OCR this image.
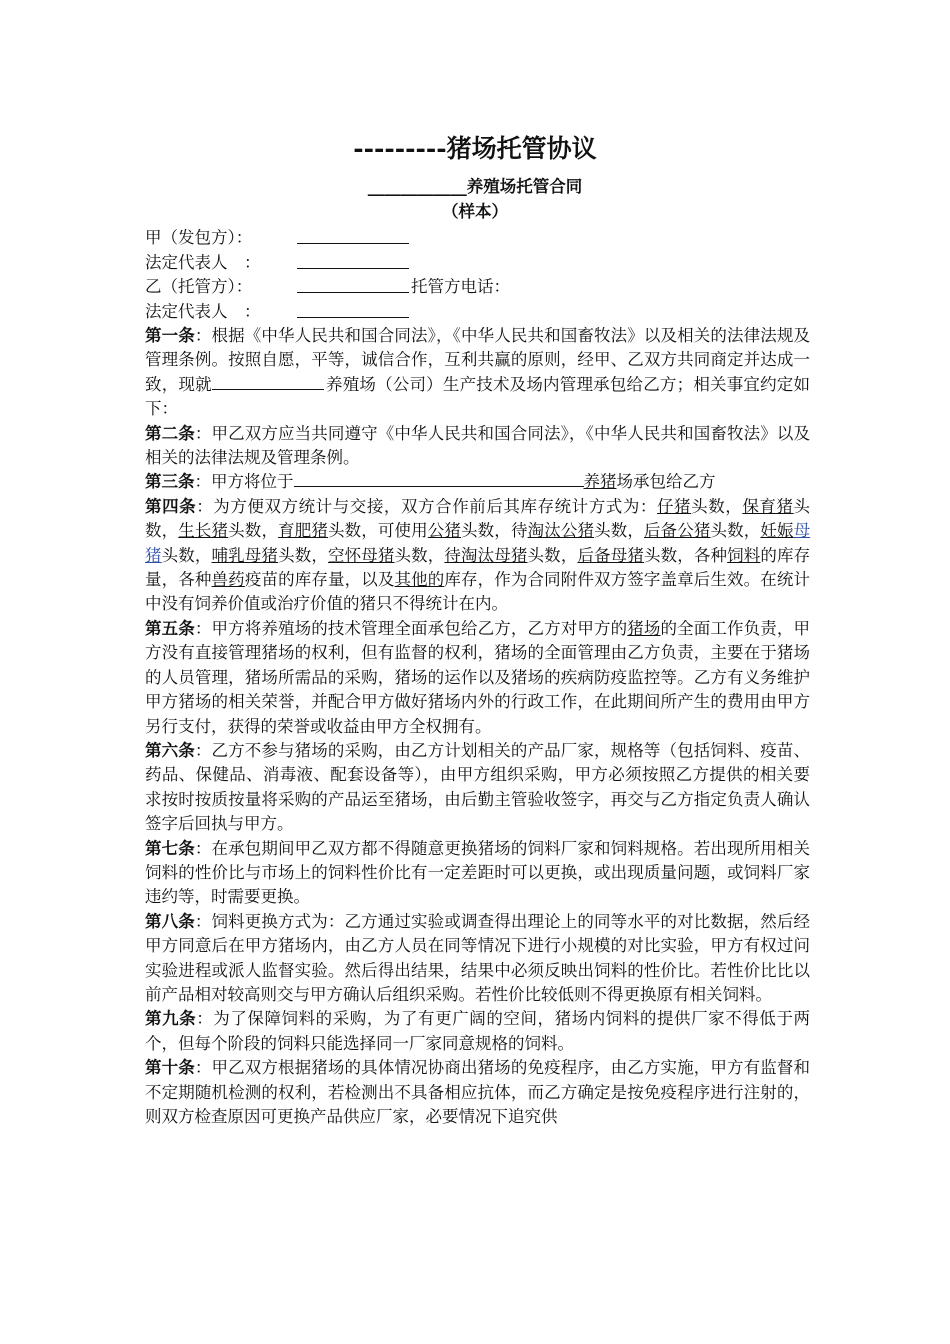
---------猪场托管协议
____________养殖场托管合同
（样本）
甲（发包方）：
法定代表人　：
乙（托管方）：	托管方电话：
法定代表人　：

第一条：根据《中华人民共和国合同法》，《中华人民共和国畜牧法》以及相关的法律法规及管理条例。按照自愿，平等，诚信合作，互利共赢的原则，经甲、乙双方共同商定并达成一致，现就	养殖场（公司）生产技术及场内管理承包给乙方；相关事宜约定如下：

第二条：甲乙双方应当共同遵守《中华人民共和国合同法》，《中华人民共和国畜牧法》以及相关的法律法规及管理条例。

第三条：甲方将位于	养猪场承包给乙方

第四条：为方便双方统计与交接，双方合作前后其库存统计方式为：仔猪头数，保育猪头数，生长猪头数，育肥猪头数，可使用公猪头数，待淘汰公猪头数，后备公猪头数，妊娠母猪头数，哺乳母猪头数，空怀母猪头数，待淘汰母猪头数，后备母猪头数，各种饲料的库存量，各种兽药疫苗的库存量，以及其他的库存，作为合同附件双方签字盖章后生效。在统计中没有饲养价值或治疗价值的猪只不得统计在内。

第五条：甲方将养殖场的技术管理全面承包给乙方，乙方对甲方的猪场的全面工作负责，甲方没有直接管理猪场的权利，但有监督的权利，猪场的全面管理由乙方负责，主要在于猪场的人员管理，猪场所需品的采购，猪场的运作以及猪场的疾病防疫监控等。乙方有义务维护甲方猪场的相关荣誉，并配合甲方做好猪场内外的行政工作，在此期间所产生的费用由甲方另行支付，获得的荣誉或收益由甲方全权拥有。

第六条：乙方不参与猪场的采购，由乙方计划相关的产品厂家，规格等（包括饲料、疫苗、药品、保健品、消毒液、配套设备等），由甲方组织采购，甲方必须按照乙方提供的相关要求按时按质按量将采购的产品运至猪场，由后勤主管验收签字，再交与乙方指定负责人确认签字后回执与甲方。

第七条：在承包期间甲乙双方都不得随意更换猪场的饲料厂家和饲料规格。若出现所用相关饲料的性价比与市场上的饲料性价比有一定差距时可以更换，或出现质量问题，或饲料厂家违约等，时需要更换。

第八条：饲料更换方式为：乙方通过实验或调查得出理论上的同等水平的对比数据，然后经甲方同意后在甲方猪场内，由乙方人员在同等情况下进行小规模的对比实验，甲方有权过问实验进程或派人监督实验。然后得出结果，结果中必须反映出饲料的性价比。若性价比比以前产品相对较高则交与甲方确认后组织采购。若性价比较低则不得更换原有相关饲料。

第九条：为了保障饲料的采购，为了有更广阔的空间，猪场内饲料的提供厂家不得低于两个，但每个阶段的饲料只能选择同一厂家同意规格的饲料。

第十条：甲乙双方根据猪场的具体情况协商出猪场的免疫程序，由乙方实施，甲方有监督和不定期随机检测的权利，若检测出不具备相应抗体，而乙方确定是按免疫程序进行注射的，则双方检查原因可更换产品供应厂家，必要情况下追究供
